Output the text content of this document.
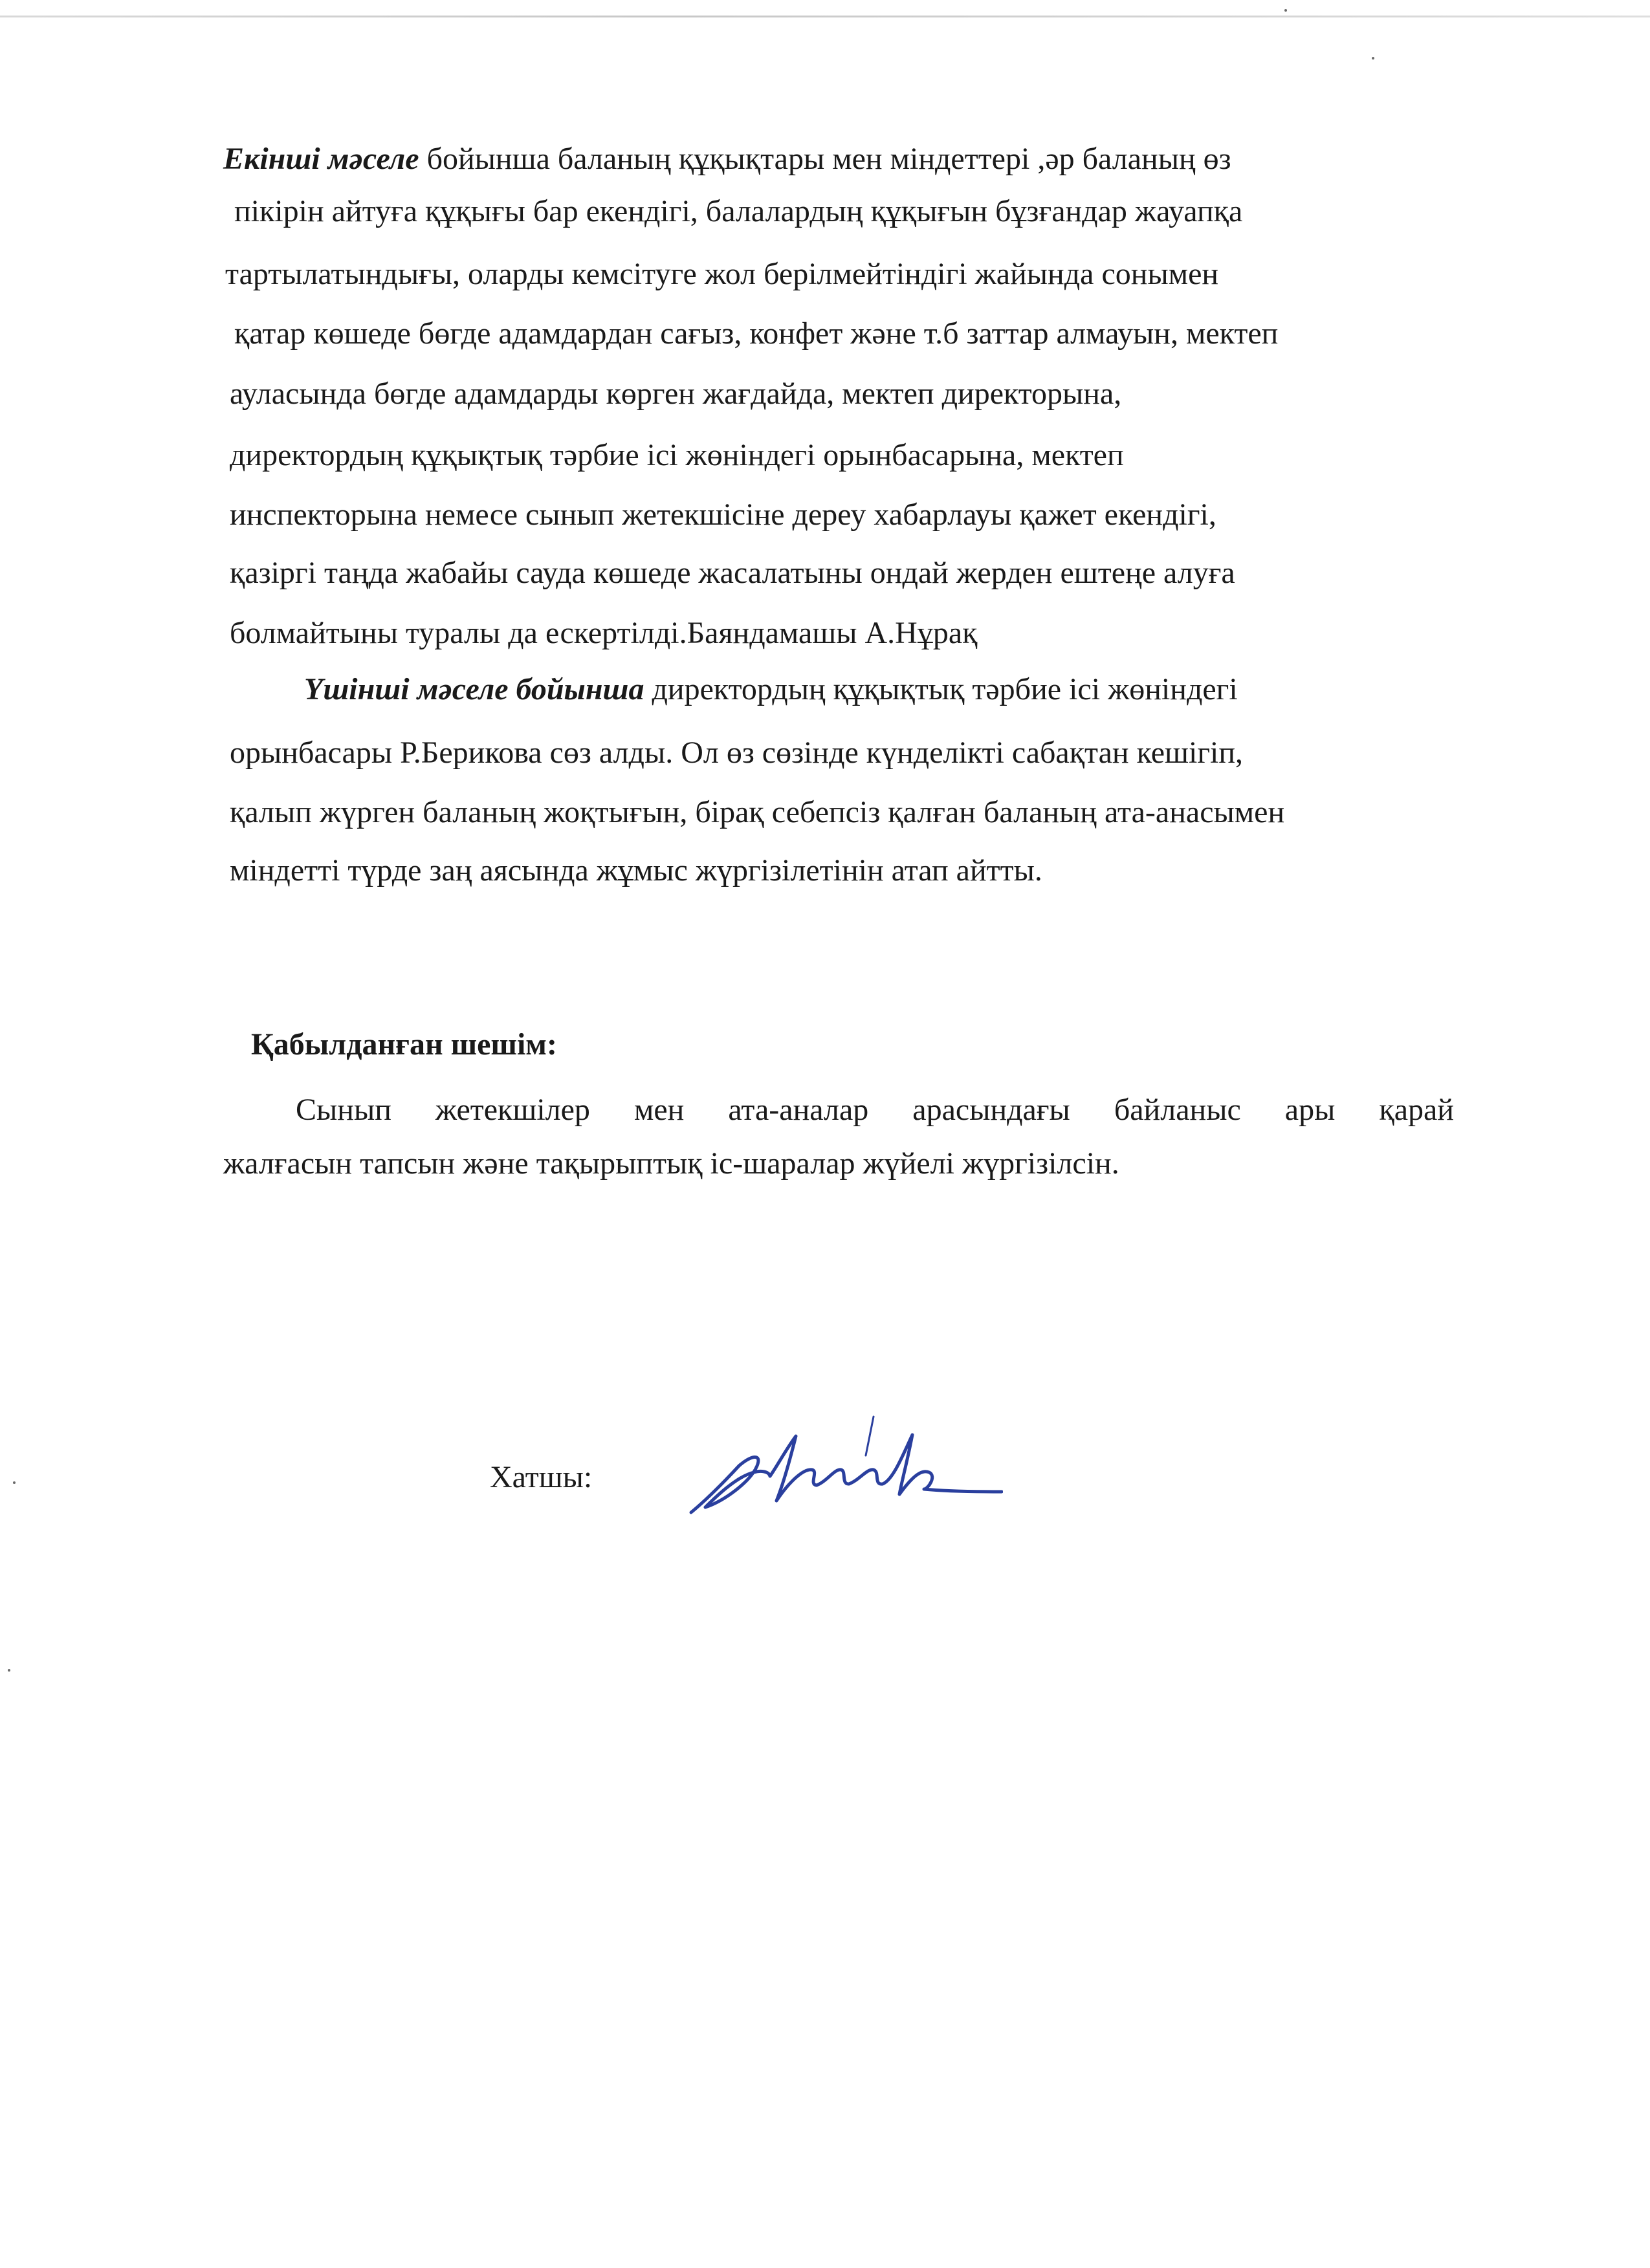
Екінші мәселе бойынша баланың құқықтары мен міндеттері ,әр баланың өз
пікірін айтуға құқығы бар екендігі, балалардың құқығын бұзғандар жауапқа
тартылатындығы, оларды кемсітуге жол берілмейтіндігі жайында сонымен
қатар көшеде бөгде адамдардан сағыз, конфет және т.б заттар алмауын, мектеп
ауласында бөгде адамдарды көрген жағдайда, мектеп директорына,
директордың құқықтық тәрбие ісі жөніндегі орынбасарына, мектеп
инспекторына немесе сынып жетекшісіне дереу хабарлауы қажет екендігі,
қазіргі таңда жабайы сауда көшеде жасалатыны ондай жерден ештеңе алуға
болмайтыны туралы да ескертілді.Баяндамашы А.Нұрақ
Үшінші мәселе бойынша директордың құқықтық тәрбие ісі жөніндегі
орынбасары Р.Берикова сөз алды. Ол өз сөзінде күнделікті сабақтан кешігіп,
қалып жүрген баланың жоқтығын, бірақ себепсіз қалған баланың ата-анасымен
міндетті түрде заң аясында жұмыс жүргізілетінін атап айтты.
Қабылданған шешім:
Сынып жетекшілер мен ата-аналар арасындағы байланыс ары қарай
жалғасын тапсын және тақырыптық іс-шаралар жүйелі жүргізілсін.
Хатшы:
